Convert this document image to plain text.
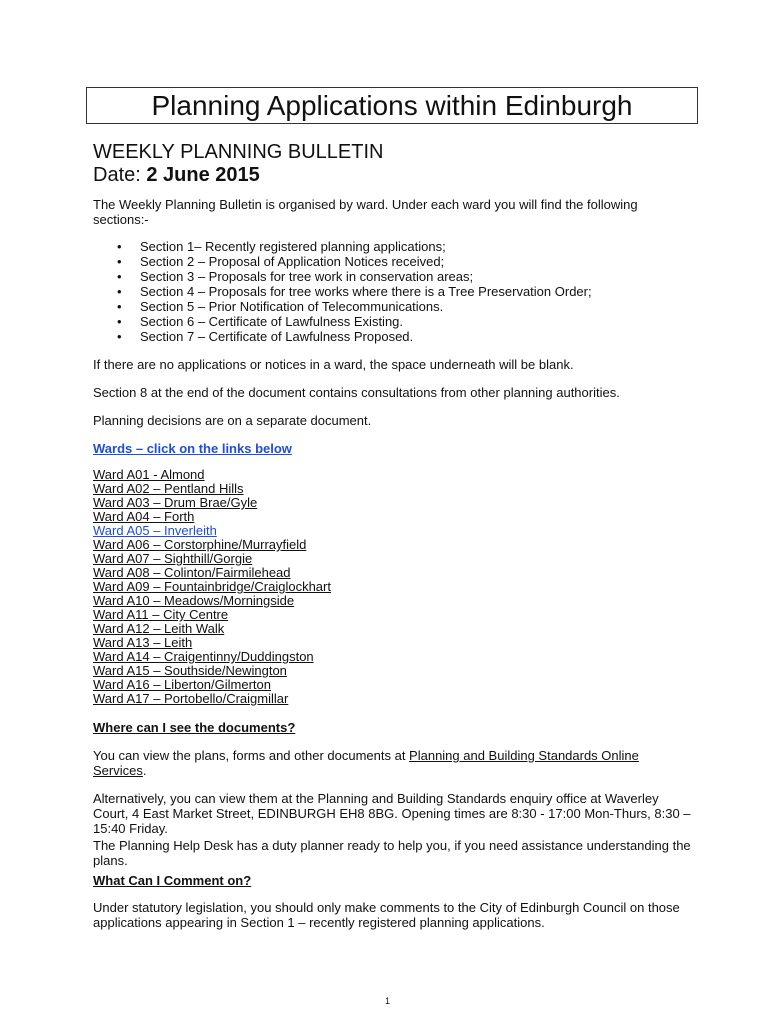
Planning Applications within Edinburgh
WEEKLY PLANNING BULLETIN
Date: 2 June 2015
The Weekly Planning Bulletin is organised by ward. Under each ward you will find the following sections:-
• Section 1– Recently registered planning applications;
• Section 2 – Proposal of Application Notices received;
• Section 3 – Proposals for tree work in conservation areas;
• Section 4 – Proposals for tree works where there is a Tree Preservation Order;
• Section 5 – Prior Notification of Telecommunications.
• Section 6 – Certificate of Lawfulness Existing.
• Section 7 – Certificate of Lawfulness Proposed.
If there are no applications or notices in a ward, the space underneath will be blank.
Section 8 at the end of the document contains consultations from other planning authorities.
Planning decisions are on a separate document.
Wards – click on the links below
Ward A01 - Almond
Ward A02 – Pentland Hills
Ward A03 – Drum Brae/Gyle
Ward A04 – Forth
Ward A05 – Inverleith
Ward A06 – Corstorphine/Murrayfield
Ward A07 – Sighthill/Gorgie
Ward A08 – Colinton/Fairmilehead
Ward A09 – Fountainbridge/Craiglockhart
Ward A10 – Meadows/Morningside
Ward A11 – City Centre
Ward A12 – Leith Walk
Ward A13 – Leith
Ward A14 – Craigentinny/Duddingston
Ward A15 – Southside/Newington
Ward A16 – Liberton/Gilmerton
Ward A17 – Portobello/Craigmillar
Where can I see the documents?
You can view the plans, forms and other documents at Planning and Building Standards Online Services.
Alternatively, you can view them at the Planning and Building Standards enquiry office at Waverley Court, 4 East Market Street, EDINBURGH EH8 8BG. Opening times are 8:30 - 17:00 Mon-Thurs, 8:30 – 15:40 Friday.
The Planning Help Desk has a duty planner ready to help you, if you need assistance understanding the plans.
What Can I Comment on?
Under statutory legislation, you should only make comments to the City of Edinburgh Council on those applications appearing in Section 1 – recently registered planning applications.
1
